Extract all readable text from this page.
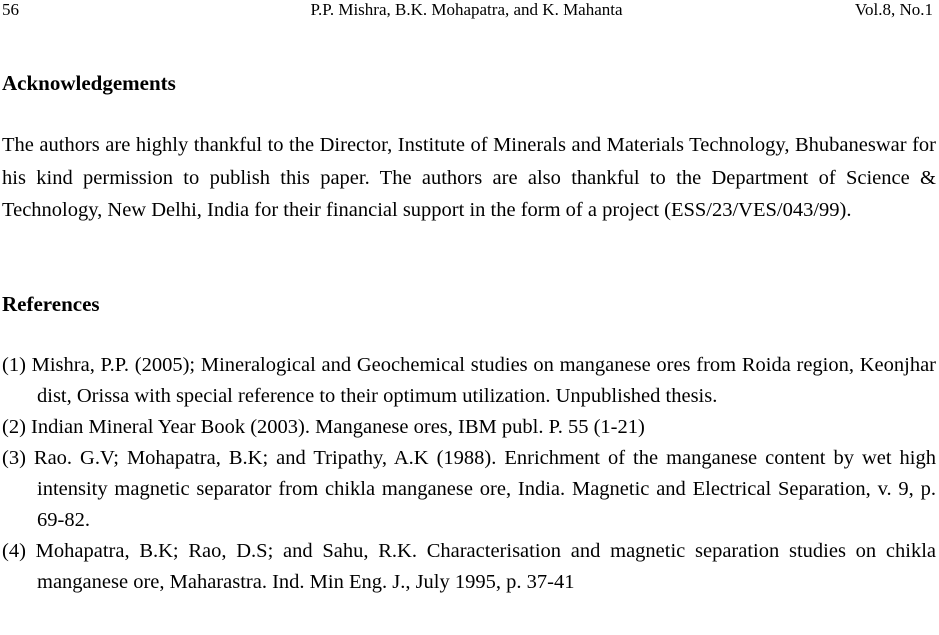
56	P.P. Mishra, B.K. Mohapatra, and K. Mahanta	Vol.8, No.1
Acknowledgements

The authors are highly thankful to the Director, Institute of Minerals and Materials Technology, Bhubaneswar for his kind permission to publish this paper. The authors are also thankful to the Department of Science & Technology, New Delhi, India for their financial support in the form of a project (ESS/23/VES/043/99).

References

(1) Mishra, P.P. (2005); Mineralogical and Geochemical studies on manganese ores from Roida region, Keonjhar dist, Orissa with special reference to their optimum utilization. Unpublished thesis.

(2) Indian Mineral Year Book (2003). Manganese ores, IBM publ. P. 55 (1-21)

(3) Rao. G.V; Mohapatra, B.K; and Tripathy, A.K (1988). Enrichment of the manganese content by wet high intensity magnetic separator from chikla manganese ore, India. Magnetic and Electrical Separation, v. 9, p. 69-82.

(4) Mohapatra, B.K; Rao, D.S; and Sahu, R.K. Characterisation and magnetic separation studies on chikla manganese ore, Maharastra. Ind. Min Eng. J., July 1995, p. 37-41
